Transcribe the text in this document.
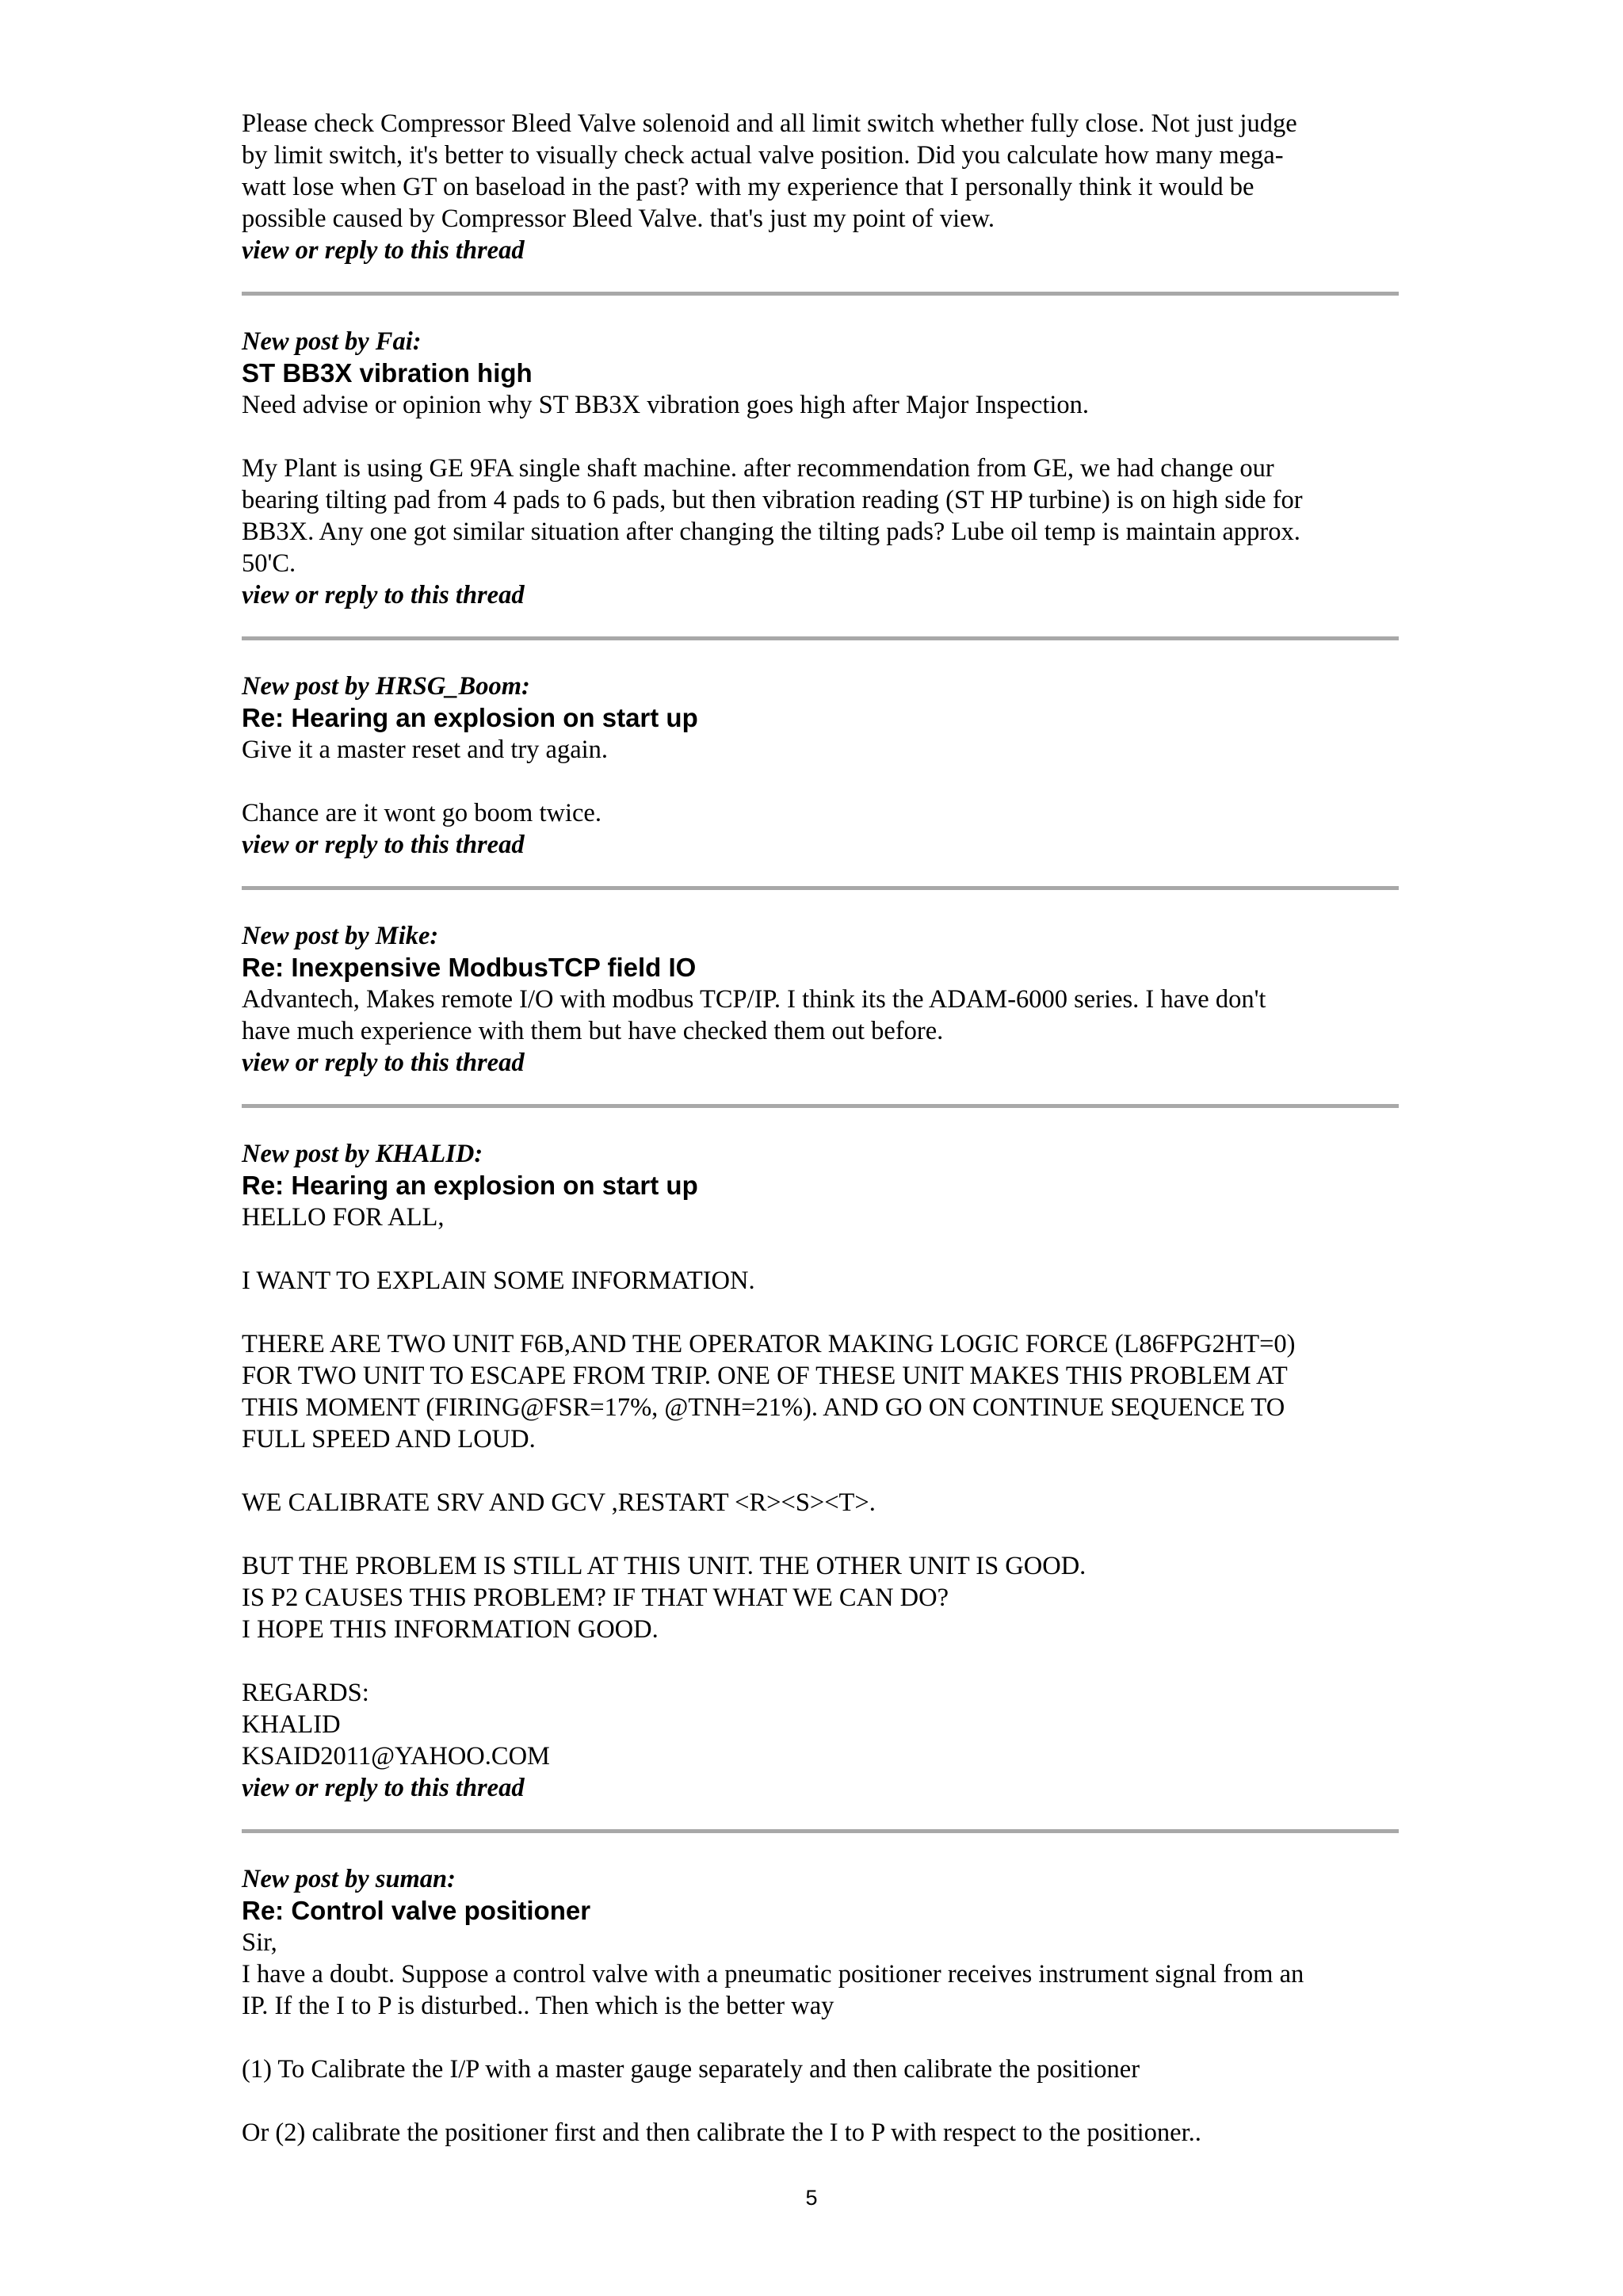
Please check Compressor Bleed Valve solenoid and all limit switch whether fully close. Not just judge

by limit switch, it's better to visually check actual valve position. Did you calculate how many mega-

watt lose when GT on baseload in the past? with my experience that I personally think it would be

possible caused by Compressor Bleed Valve. that's just my point of view.

view or reply to this thread

New post by Fai:

ST BB3X vibration high

Need advise or opinion why ST BB3X vibration goes high after Major Inspection.

My Plant is using GE 9FA single shaft machine. after recommendation from GE, we had change our

bearing tilting pad from 4 pads to 6 pads, but then vibration reading (ST HP turbine) is on high side for

BB3X. Any one got similar situation after changing the tilting pads? Lube oil temp is maintain approx.

50'C.

view or reply to this thread

New post by HRSG_Boom:

Re: Hearing an explosion on start up

Give it a master reset and try again.

Chance are it wont go boom twice.

view or reply to this thread

New post by Mike:

Re: Inexpensive ModbusTCP field IO

Advantech, Makes remote I/O with modbus TCP/IP. I think its the ADAM-6000 series. I have don't

have much experience with them but have checked them out before.

view or reply to this thread

New post by KHALID:

Re: Hearing an explosion on start up

HELLO FOR ALL,

I WANT TO EXPLAIN SOME INFORMATION.

THERE ARE TWO UNIT F6B,AND THE OPERATOR MAKING LOGIC FORCE (L86FPG2HT=0)

FOR TWO UNIT TO ESCAPE FROM TRIP. ONE OF THESE UNIT MAKES THIS PROBLEM AT

THIS MOMENT (FIRING@FSR=17%, @TNH=21%). AND GO ON CONTINUE SEQUENCE TO

FULL SPEED AND LOUD.

WE CALIBRATE SRV AND GCV ,RESTART <R><S><T>.

BUT THE PROBLEM IS STILL AT THIS UNIT. THE OTHER UNIT IS GOOD.

IS P2 CAUSES THIS PROBLEM? IF THAT WHAT WE CAN DO?

I HOPE THIS INFORMATION GOOD.

REGARDS:

KHALID

KSAID2011@YAHOO.COM

view or reply to this thread

New post by suman:

Re: Control valve positioner

Sir,

I have a doubt. Suppose a control valve with a pneumatic positioner receives instrument signal from an

IP. If the I to P is disturbed.. Then which is the better way

(1) To Calibrate the I/P with a master gauge separately and then calibrate the positioner

Or (2) calibrate the positioner first and then calibrate the I to P with respect to the positioner..

5
